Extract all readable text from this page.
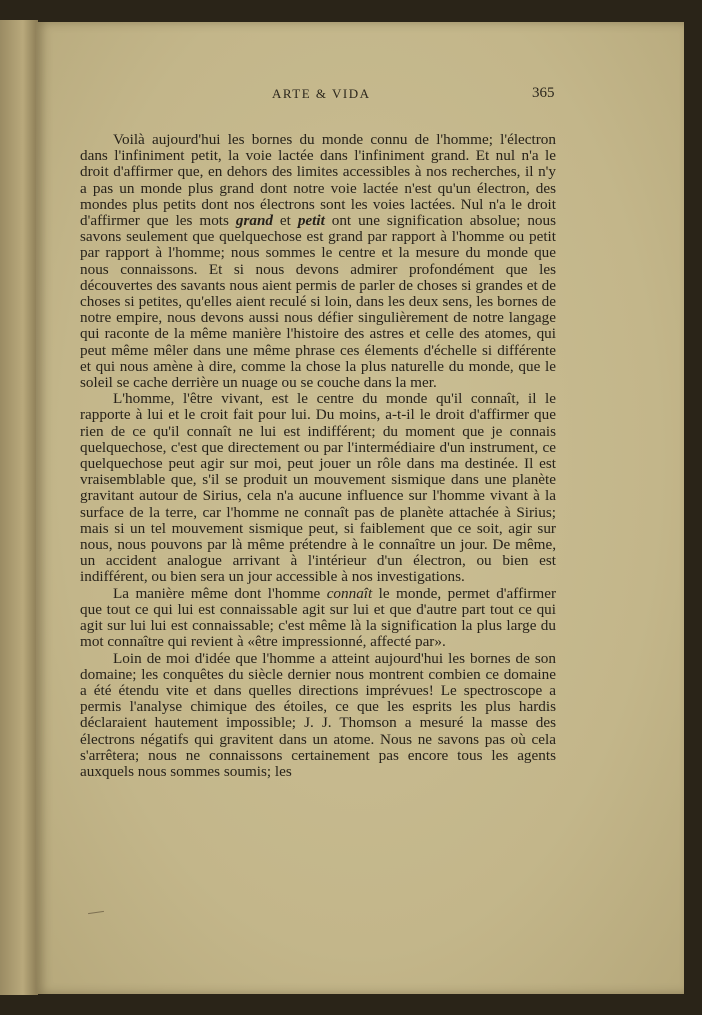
ARTE & VIDA	365

Voilà aujourd'hui les bornes du monde connu de l'homme; l'électron dans l'infiniment petit, la voie lactée dans l'infiniment grand. Et nul n'a le droit d'affirmer que, en dehors des limites accessibles à nos recherches, il n'y a pas un monde plus grand dont notre voie lactée n'est qu'un électron, des mondes plus petits dont nos électrons sont les voies lactées. Nul n'a le droit d'affirmer que les mots grand et petit ont une signification absolue; nous savons seulement que quelquechose est grand par rapport à l'homme ou petit par rapport à l'homme; nous sommes le centre et la mesure du monde que nous connaissons. Et si nous devons admirer profondément que les découvertes des savants nous aient permis de parler de choses si grandes et de choses si petites, qu'elles aient reculé si loin, dans les deux sens, les bornes de notre empire, nous devons aussi nous défier singulièrement de notre langage qui raconte de la même manière l'histoire des astres et celle des atomes, qui peut même mêler dans une même phrase ces élements d'échelle si différente et qui nous amène à dire, comme la chose la plus naturelle du monde, que le soleil se cache derrière un nuage ou se couche dans la mer.

L'homme, l'être vivant, est le centre du monde qu'il connaît, il le rapporte à lui et le croit fait pour lui. Du moins, a-t-il le droit d'affirmer que rien de ce qu'il connaît ne lui est indifférent; du moment que je connais quelquechose, c'est que directement ou par l'intermédiaire d'un instrument, ce quelquechose peut agir sur moi, peut jouer un rôle dans ma destinée. Il est vraisemblable que, s'il se produit un mouvement sismique dans une planète gravitant autour de Sirius, cela n'a aucune influence sur l'homme vivant à la surface de la terre, car l'homme ne connaît pas de planète attachée à Sirius; mais si un tel mouvement sismique peut, si faiblement que ce soit, agir sur nous, nous pouvons par là même prétendre à le connaître un jour. De même, un accident analogue arrivant à l'intérieur d'un électron, ou bien est indifférent, ou bien sera un jour accessible à nos investigations.

La manière même dont l'homme connaît le monde, permet d'affirmer que tout ce qui lui est connaissable agit sur lui et que d'autre part tout ce qui agit sur lui lui est connaissable; c'est même là la signification la plus large du mot connaître qui revient à «être impressionné, affecté par».

Loin de moi d'idée que l'homme a atteint aujourd'hui les bornes de son domaine; les conquêtes du siècle dernier nous montrent combien ce domaine a été étendu vite et dans quelles directions imprévues! Le spectroscope a permis l'analyse chimique des étoiles, ce que les esprits les plus hardis déclaraient hautement impossible; J. J. Thomson a mesuré la masse des électrons négatifs qui gravitent dans un atome. Nous ne savons pas où cela s'arrêtera; nous ne connaissons certainement pas encore tous les agents auxquels nous sommes soumis; les
